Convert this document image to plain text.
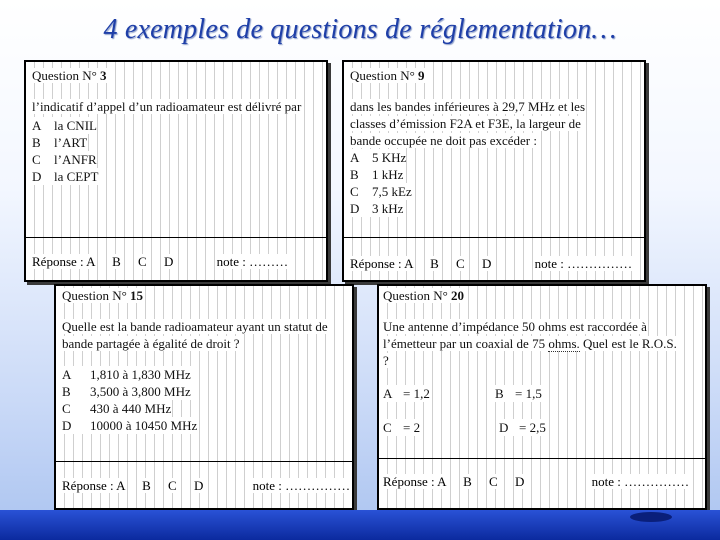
4 exemples de questions de réglementation…
Question N° 3
l’indicatif d’appel d’un radioamateur est délivré par
A la CNIL
B	l’ART
C	l’ANFR
D la CEPT
Réponse : A B C D	note : ………
Question N° 9
dans les bandes inférieures à 29,7 MHz et les classes d’émission F2A et F3E, la largeur de bande occupée ne doit pas excéder :
A 5 KHz
B	1 kHz
C	7,5 kEz
D 3 kHz
Réponse : A B C D	note : ……………
Question N° 15
Quelle est la bande radioamateur ayant un statut de bande partagée à égalité de droit ?
A	1,810 à 1,830 MHz
B	3,500 à 3,800 MHz
C	430 à 440 MHz
D	10000 à 10450 MHz
Réponse : A B C D	note : ……………
Question N° 20
Une antenne d’impédance 50 ohms est raccordée à l’émetteur par un coaxial de 75 ohms. Quel est le R.O.S. ?
A = 1,2	B = 1,5
C = 2	D = 2,5
Réponse : A B C D	note : ……………
